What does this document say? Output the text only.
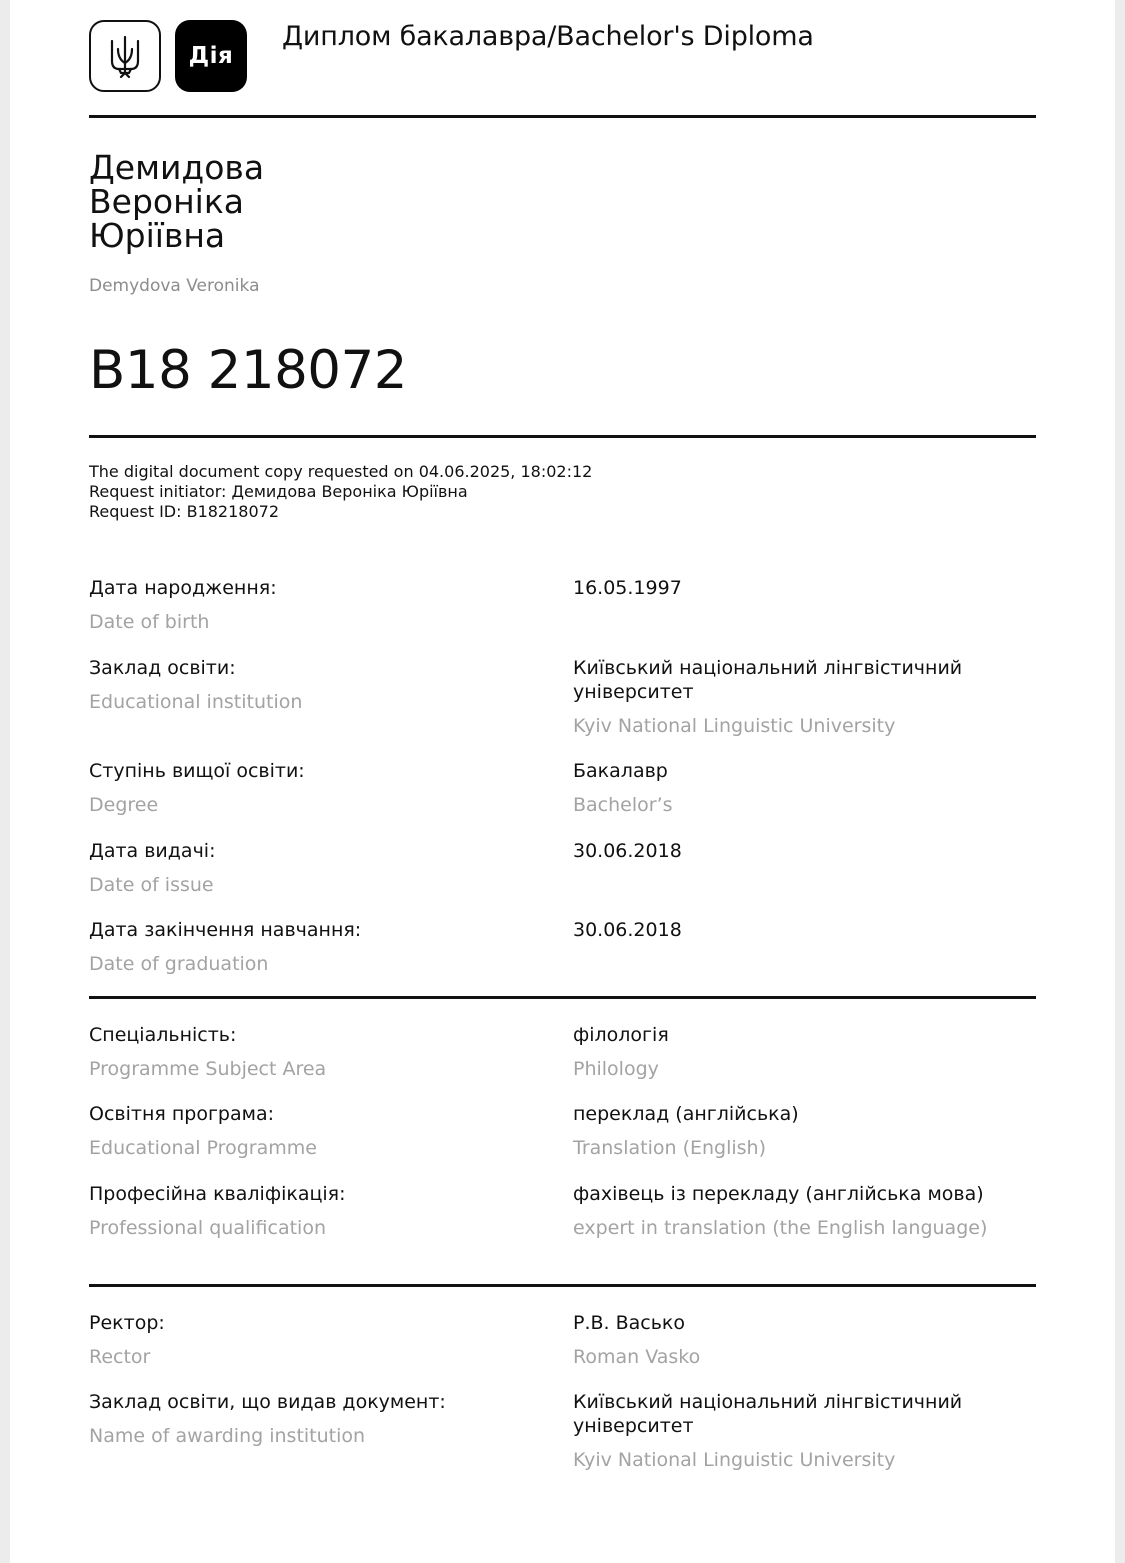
Дія
Диплом бакалавра/Bachelor's Diploma
Демидова
Вероніка
Юріївна
Demydova Veronika
B18 218072
The digital document copy requested on 04.06.2025, 18:02:12
Request initiator: Демидова Вероніка Юріївна
Request ID: B18218072
Дата народження:
Date of birth
16.05.1997
Заклад освіти:
Educational institution
Київський національний лінгвістичний університет
Kyiv National Linguistic University
Ступінь вищої освіти:
Degree
Бакалавр
Bachelor’s
Дата видачі:
Date of issue
30.06.2018
Дата закінчення навчання:
Date of graduation
30.06.2018
Спеціальність:
Programme Subject Area
філологія
Philology
Освітня програма:
Educational Programme
переклад (англійська)
Translation (English)
Професійна кваліфікація:
Professional qualification
фахівець із перекладу (англійська мова)
expert in translation (the English language)
Ректор:
Rector
Р.В. Васько
Roman Vasko
Заклад освіти, що видав документ:
Name of awarding institution
Київський національний лінгвістичний університет
Kyiv National Linguistic University
